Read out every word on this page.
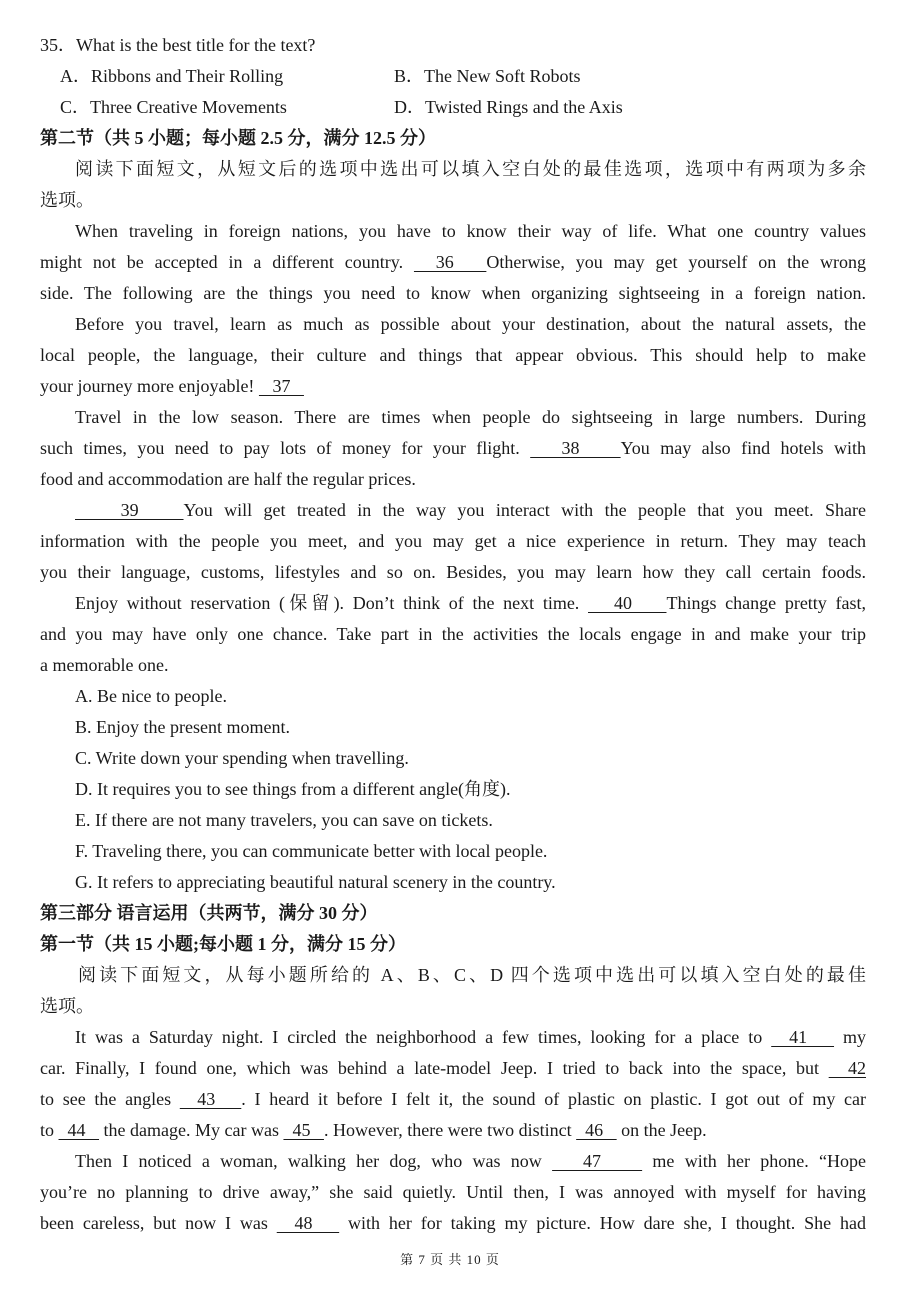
35．What is the best title for the text?
A．Ribbons and Their Rolling	B．The New Soft Robots
C．Three Creative Movements	D．Twisted Rings and the Axis
第二节（共 5 小题；每小题 2.5 分，满分 12.5 分）
阅读下面短文，从短文后的选项中选出可以填入空白处的最佳选项，选项中有两项为多余
选项。
When traveling in foreign nations, you have to know their way of life. What one country values
might not be accepted in a different country.   36   Otherwise, you may get yourself on the wrong
side. The following are the things you need to know when organizing sightseeing in a foreign nation.
Before you travel, learn as much as possible about your destination, about the natural assets, the
local people, the language, their culture and things that appear obvious. This should help to make
your journey more enjoyable!    37
Travel in the low season. There are times when people do sightseeing in large numbers. During
such times, you need to pay lots of money for your flight.    38    You may also find hotels with
food and accommodation are half the regular prices.
39    You will get treated in the way you interact with the people that you meet. Share
information with the people you meet, and you may get a nice experience in return. They may teach
you their language, customs, lifestyles and so on. Besides, you may learn how they call certain foods.
Enjoy without reservation (保留). Don’t think of the next time.    40    Things change pretty fast,
and you may have only one chance. Take part in the activities the locals engage in and make your trip
a memorable one.
A. Be nice to people.
B. Enjoy the present moment.
C. Write down your spending when travelling.
D. It requires you to see things from a different angle(角度).
E. If there are not many travelers, you can save on tickets.
F. Traveling there, you can communicate better with local people.
G. It refers to appreciating beautiful natural scenery in the country.
第三部分 语言运用（共两节，满分 30 分）
第一节（共 15 小题;每小题 1 分，满分 15 分）
阅读下面短文，从每小题所给的 A、B、C、D 四个选项中选出可以填入空白处的最佳
选项。
It was a Saturday night. I circled the neighborhood a few times, looking for a place to   41    my
car. Finally, I found one, which was behind a late-model Jeep. I tried to back into the space, but   42
to see the angles   43   . I heard it before I felt it, the sound of plastic on plastic. I got out of my car
to   44    the damage. My car was   45   . However, there were two distinct   46    on the Jeep.
Then I noticed a woman, walking her dog, who was now    47     me with her phone. “Hope
you’re no planning to drive away,” she said quietly. Until then, I was annoyed with myself for having
been careless, but now I was   48    with her for taking my picture. How dare she, I thought. She had
第 7 页 共 10 页
